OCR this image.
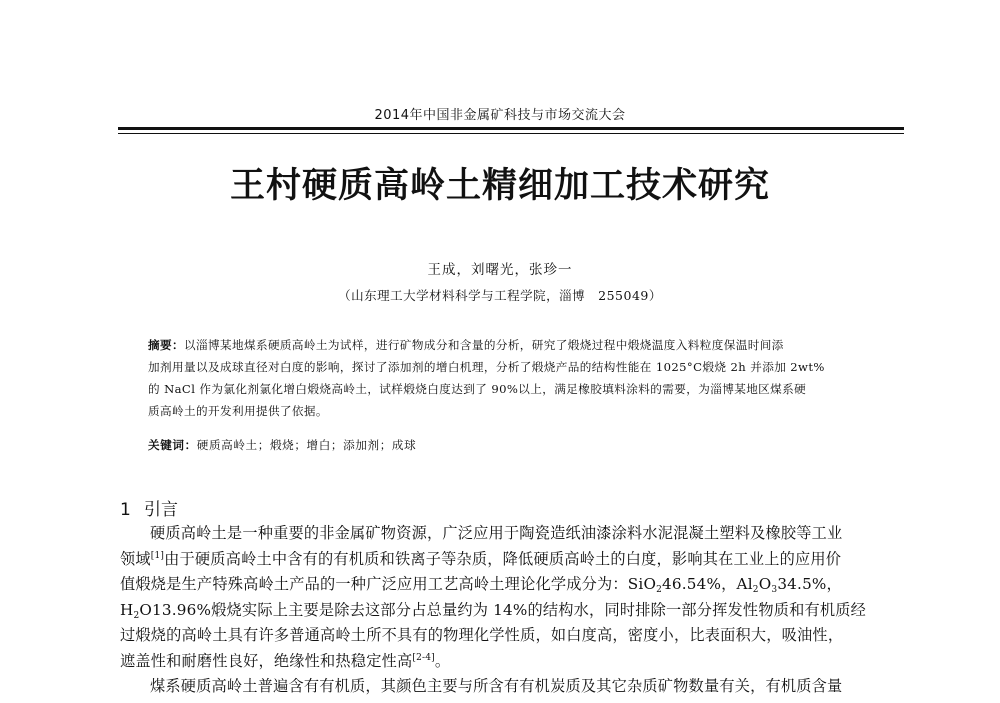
2014年中国非金属矿科技与市场交流大会
王村硬质高岭土精细加工技术研究
王成，刘曙光，张珍一
（山东理工大学材料科学与工程学院，淄博　255049）
摘要：以淄博某地煤系硬质高岭土为试样，进行矿物成分和含量的分析，研究了煅烧过程中煅烧温度入料粒度保温时间添
加剂用量以及成球直径对白度的影响，探讨了添加剂的增白机理，分析了煅烧产品的结构性能在 1025°C煅烧 2h 并添加 2wt%
的 NaCl 作为氯化剂氯化增白煅烧高岭土，试样煅烧白度达到了 90%以上，满足橡胶填料涂料的需要，为淄博某地区煤系硬
质高岭土的开发利用提供了依据。
关键词：硬质高岭土；煅烧；增白；添加剂；成球
1 引言
硬质高岭土是一种重要的非金属矿物资源，广泛应用于陶瓷造纸油漆涂料水泥混凝土塑料及橡胶等工业
领域[1]由于硬质高岭土中含有的有机质和铁离子等杂质，降低硬质高岭土的白度，影响其在工业上的应用价
值煅烧是生产特殊高岭土产品的一种广泛应用工艺高岭土理论化学成分为：SiO$_2$46.54%，$Al_2O_334.5\%$，
$H_2O13.96\%$煅烧实际上主要是除去这部分占总量约为 14%的结构水，同时排除一部分挥发性物质和有机质经
过煅烧的高岭土具有许多普通高岭土所不具有的物理化学性质，如白度高，密度小，比表面积大，吸油性，
遮盖性和耐磨性良好，绝缘性和热稳定性高[2-4]。
煤系硬质高岭土普遍含有有机质，其颜色主要与所含有有机炭质及其它杂质矿物数量有关，有机质含量
